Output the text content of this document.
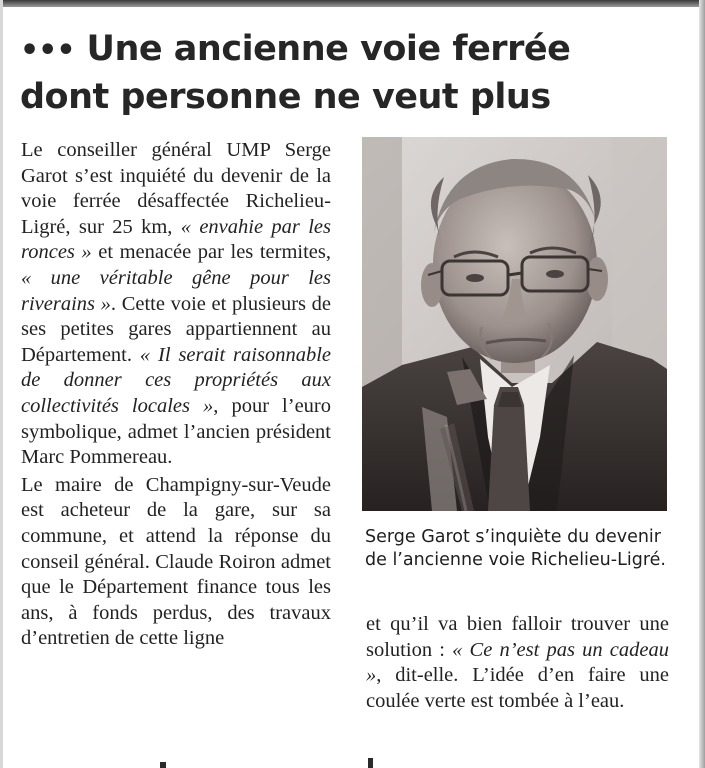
••• Une ancienne voie ferrée
dont personne ne veut plus

Le conseiller général UMP Serge Garot s’est inquiété du devenir de la voie ferrée désaffectée Richelieu-Ligré, sur 25 km, « envahie par les ronces » et menacée par les termites, « une véritable gêne pour les riverains ». Cette voie et plusieurs de ses petites gares appartiennent au Département. « Il serait raisonnable de donner ces propriétés aux collectivités locales », pour l’euro symbolique, admet l’ancien président Marc Pommereau.

Le maire de Champigny-sur-Veude est acheteur de la gare, sur sa commune, et attend la réponse du conseil général. Claude Roiron admet que le Département finance tous les ans, à fonds perdus, des travaux d’entretien de cette ligne

Serge Garot s’inquiète du devenir de l’ancienne voie Richelieu-Ligré.

et qu’il va bien falloir trouver une solution : « Ce n’est pas un cadeau », dit-elle. L’idée d’en faire une coulée verte est tombée à l’eau.
